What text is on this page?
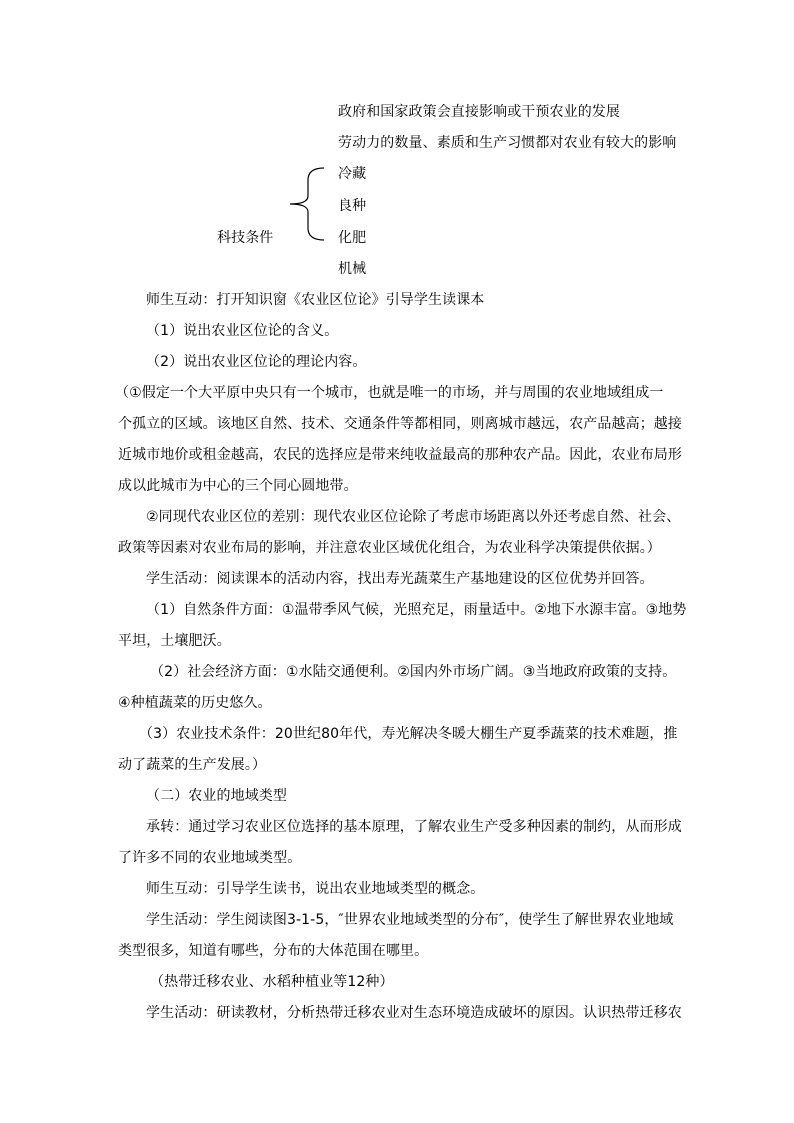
政府和国家政策会直接影响或干预农业的发展
劳动力的数量、素质和生产习惯都对农业有较大的影响
科技条件
冷藏
良种
化肥
机械
师生互动：打开知识窗《农业区位论》引导学生读课本
（1）说出农业区位论的含义。
（2）说出农业区位论的理论内容。
（①假定一个大平原中央只有一个城市，也就是唯一的市场，并与周围的农业地域组成一
个孤立的区域。该地区自然、技术、交通条件等都相同，则离城市越远，农产品越高；越接
近城市地价或租金越高，农民的选择应是带来纯收益最高的那种农产品。因此，农业布局形
成以此城市为中心的三个同心圆地带。
②同现代农业区位的差别：现代农业区位论除了考虑市场距离以外还考虑自然、社会、
政策等因素对农业布局的影响，并注意农业区域优化组合，为农业科学决策提供依据。）
学生活动：阅读课本的活动内容，找出寿光蔬菜生产基地建设的区位优势并回答。
（1）自然条件方面：①温带季风气候，光照充足，雨量适中。②地下水源丰富。③地势
平坦，土壤肥沃。
（2）社会经济方面：①水陆交通便利。②国内外市场广阔。③当地政府政策的支持。
④种植蔬菜的历史悠久。
（3）农业技术条件：20世纪80年代，寿光解决冬暖大棚生产夏季蔬菜的技术难题，推
动了蔬菜的生产发展。）
（二）农业的地域类型
承转：通过学习农业区位选择的基本原理，了解农业生产受多种因素的制约，从而形成
了许多不同的农业地域类型。
师生互动：引导学生读书，说出农业地域类型的概念。
学生活动：学生阅读图3-1-5，″世界农业地域类型的分布″，使学生了解世界农业地域
类型很多，知道有哪些，分布的大体范围在哪里。
（热带迁移农业、水稻种植业等12种）
学生活动：研读教材，分析热带迁移农业对生态环境造成破坏的原因。认识热带迁移农
